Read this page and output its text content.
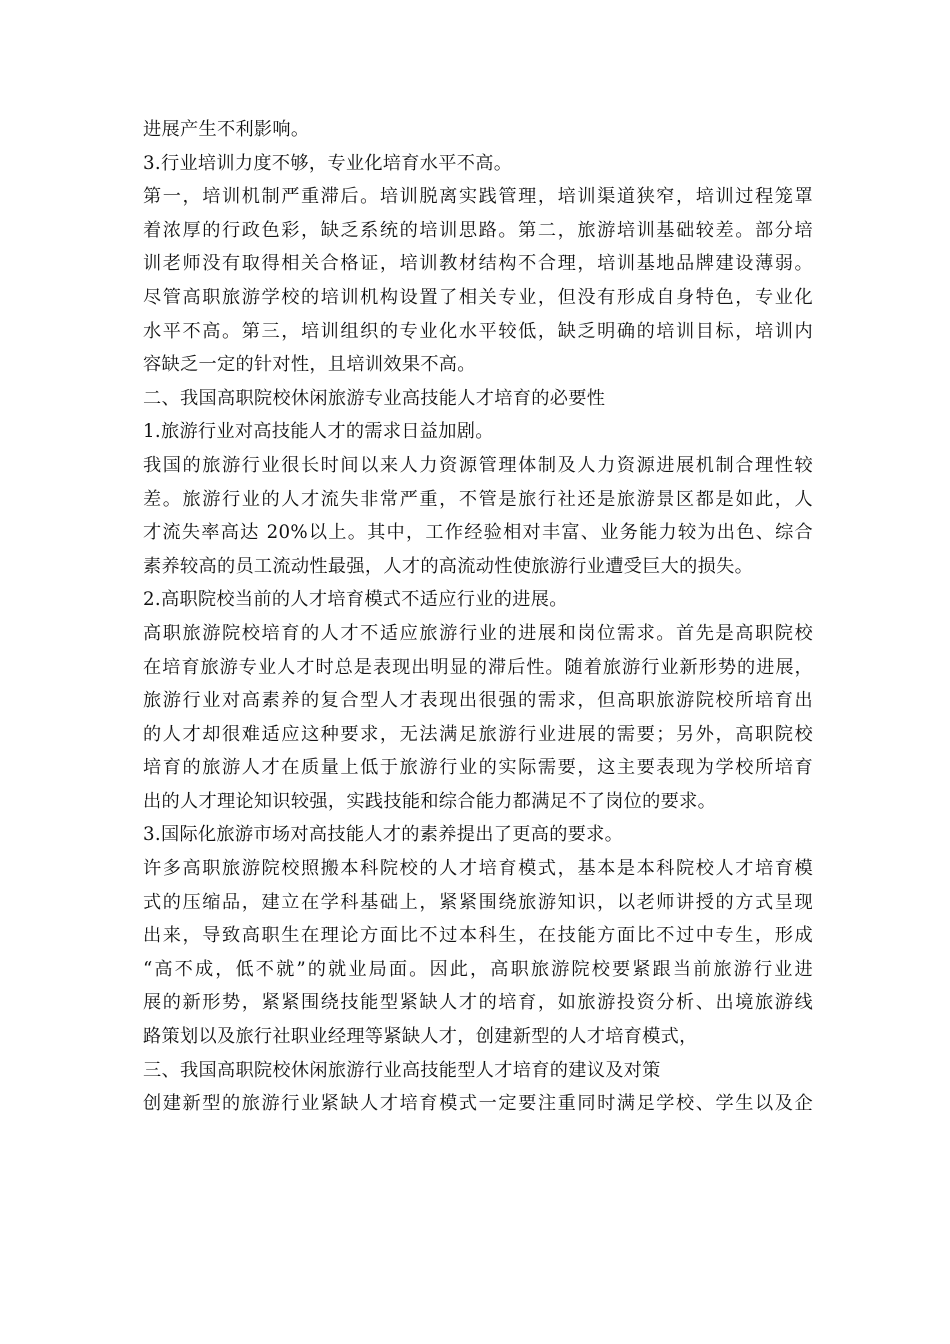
进展产生不利影响。
3.行业培训力度不够，专业化培育水平不高。
第一，培训机制严重滞后。培训脱离实践管理，培训渠道狭窄，培训过程笼罩
着浓厚的行政色彩，缺乏系统的培训思路。第二，旅游培训基础较差。部分培
训老师没有取得相关合格证，培训教材结构不合理，培训基地品牌建设薄弱。
尽管高职旅游学校的培训机构设置了相关专业，但没有形成自身特色，专业化
水平不高。第三，培训组织的专业化水平较低，缺乏明确的培训目标，培训内
容缺乏一定的针对性，且培训效果不高。
二、我国高职院校休闲旅游专业高技能人才培育的必要性
1.旅游行业对高技能人才的需求日益加剧。
我国的旅游行业很长时间以来人力资源管理体制及人力资源进展机制合理性较
差。旅游行业的人才流失非常严重，不管是旅行社还是旅游景区都是如此，人
才流失率高达 20%以上。其中，工作经验相对丰富、业务能力较为出色、综合
素养较高的员工流动性最强，人才的高流动性使旅游行业遭受巨大的损失。
2.高职院校当前的人才培育模式不适应行业的进展。
高职旅游院校培育的人才不适应旅游行业的进展和岗位需求。首先是高职院校
在培育旅游专业人才时总是表现出明显的滞后性。随着旅游行业新形势的进展，
旅游行业对高素养的复合型人才表现出很强的需求，但高职旅游院校所培育出
的人才却很难适应这种要求，无法满足旅游行业进展的需要；另外，高职院校
培育的旅游人才在质量上低于旅游行业的实际需要，这主要表现为学校所培育
出的人才理论知识较强，实践技能和综合能力都满足不了岗位的要求。
3.国际化旅游市场对高技能人才的素养提出了更高的要求。
许多高职旅游院校照搬本科院校的人才培育模式，基本是本科院校人才培育模
式的压缩品，建立在学科基础上，紧紧围绕旅游知识，以老师讲授的方式呈现
出来，导致高职生在理论方面比不过本科生，在技能方面比不过中专生，形成
“高不成，低不就”的就业局面。因此，高职旅游院校要紧跟当前旅游行业进
展的新形势，紧紧围绕技能型紧缺人才的培育，如旅游投资分析、出境旅游线
路策划以及旅行社职业经理等紧缺人才，创建新型的人才培育模式，
三、我国高职院校休闲旅游行业高技能型人才培育的建议及对策
创建新型的旅游行业紧缺人才培育模式一定要注重同时满足学校、学生以及企
